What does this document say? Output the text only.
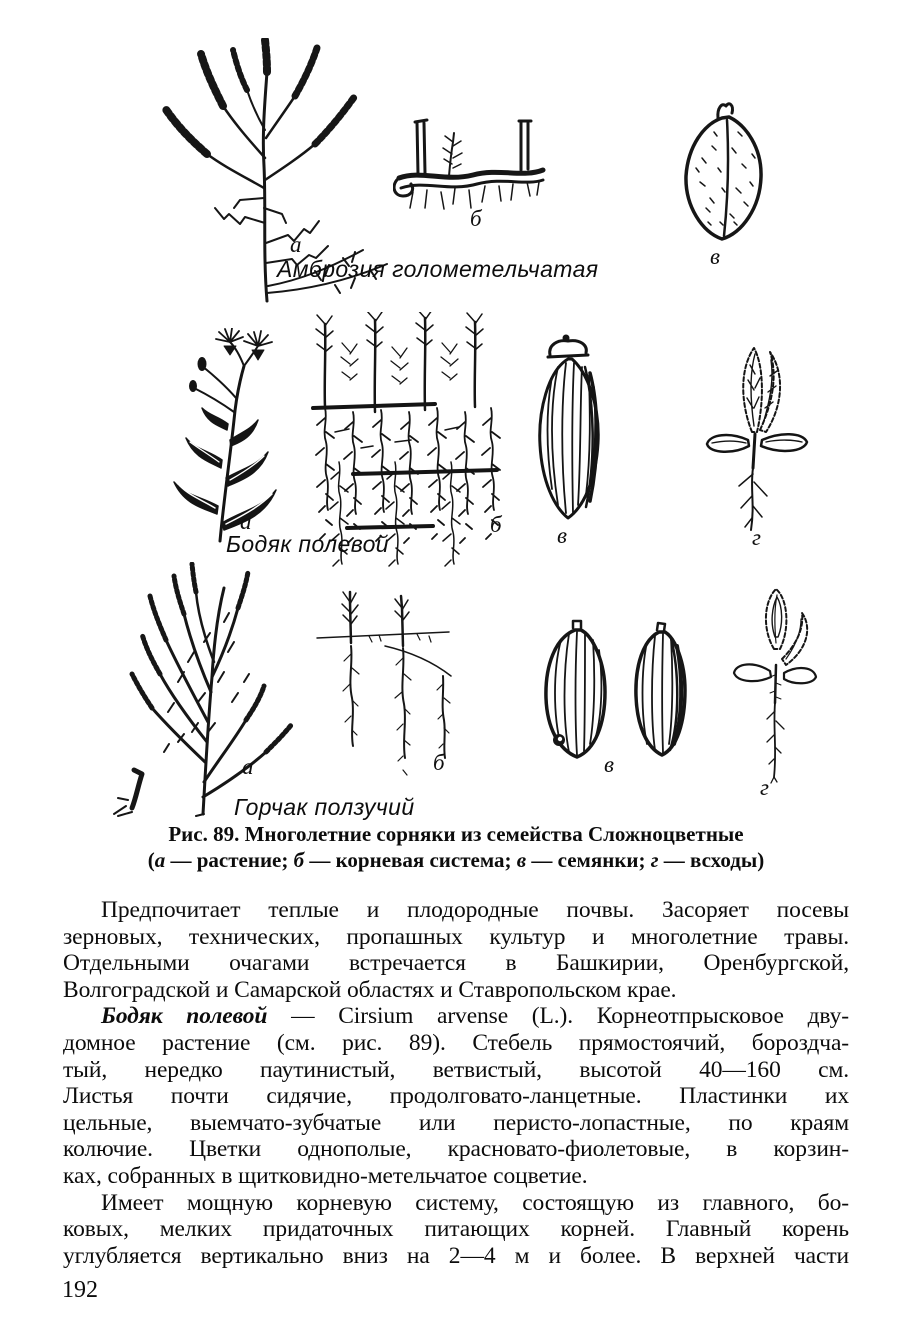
а
б
в
а	б в	г
а	б	в
г
Амброзия голометельчатая
Бодяк полевой
Горчак ползучий
Рис. 89. Многолетние сорняки из семейства Сложноцветные
(а — растение; б — корневая система; в — семянки; г — всходы)
Предпочитает теплые и плодородные почвы. Засоряет посевы
зерновых, технических, пропашных культур и многолетние травы.
Отдельными очагами встречается в Башкирии, Оренбургской,
Волгоградской и Самарской областях и Ставропольском крае.
Бодяк полевой — Cirsium arvense (L.). Корнеотпрысковое дву-
домное растение (см. рис. 89). Стебель прямостоячий, бороздча-
тый, нередко паутинистый, ветвистый, высотой 40—160 см.
Листья почти сидячие, продолговато-ланцетные. Пластинки их
цельные, выемчато-зубчатые или перисто-лопастные, по краям
колючие. Цветки однополые, красновато-фиолетовые, в корзин-
ках, собранных в щитковидно-метельчатое соцветие.
Имеет мощную корневую систему, состоящую из главного, бо-
ковых, мелких придаточных питающих корней. Главный корень
углубляется вертикально вниз на 2—4 м и более. В верхней части
192
